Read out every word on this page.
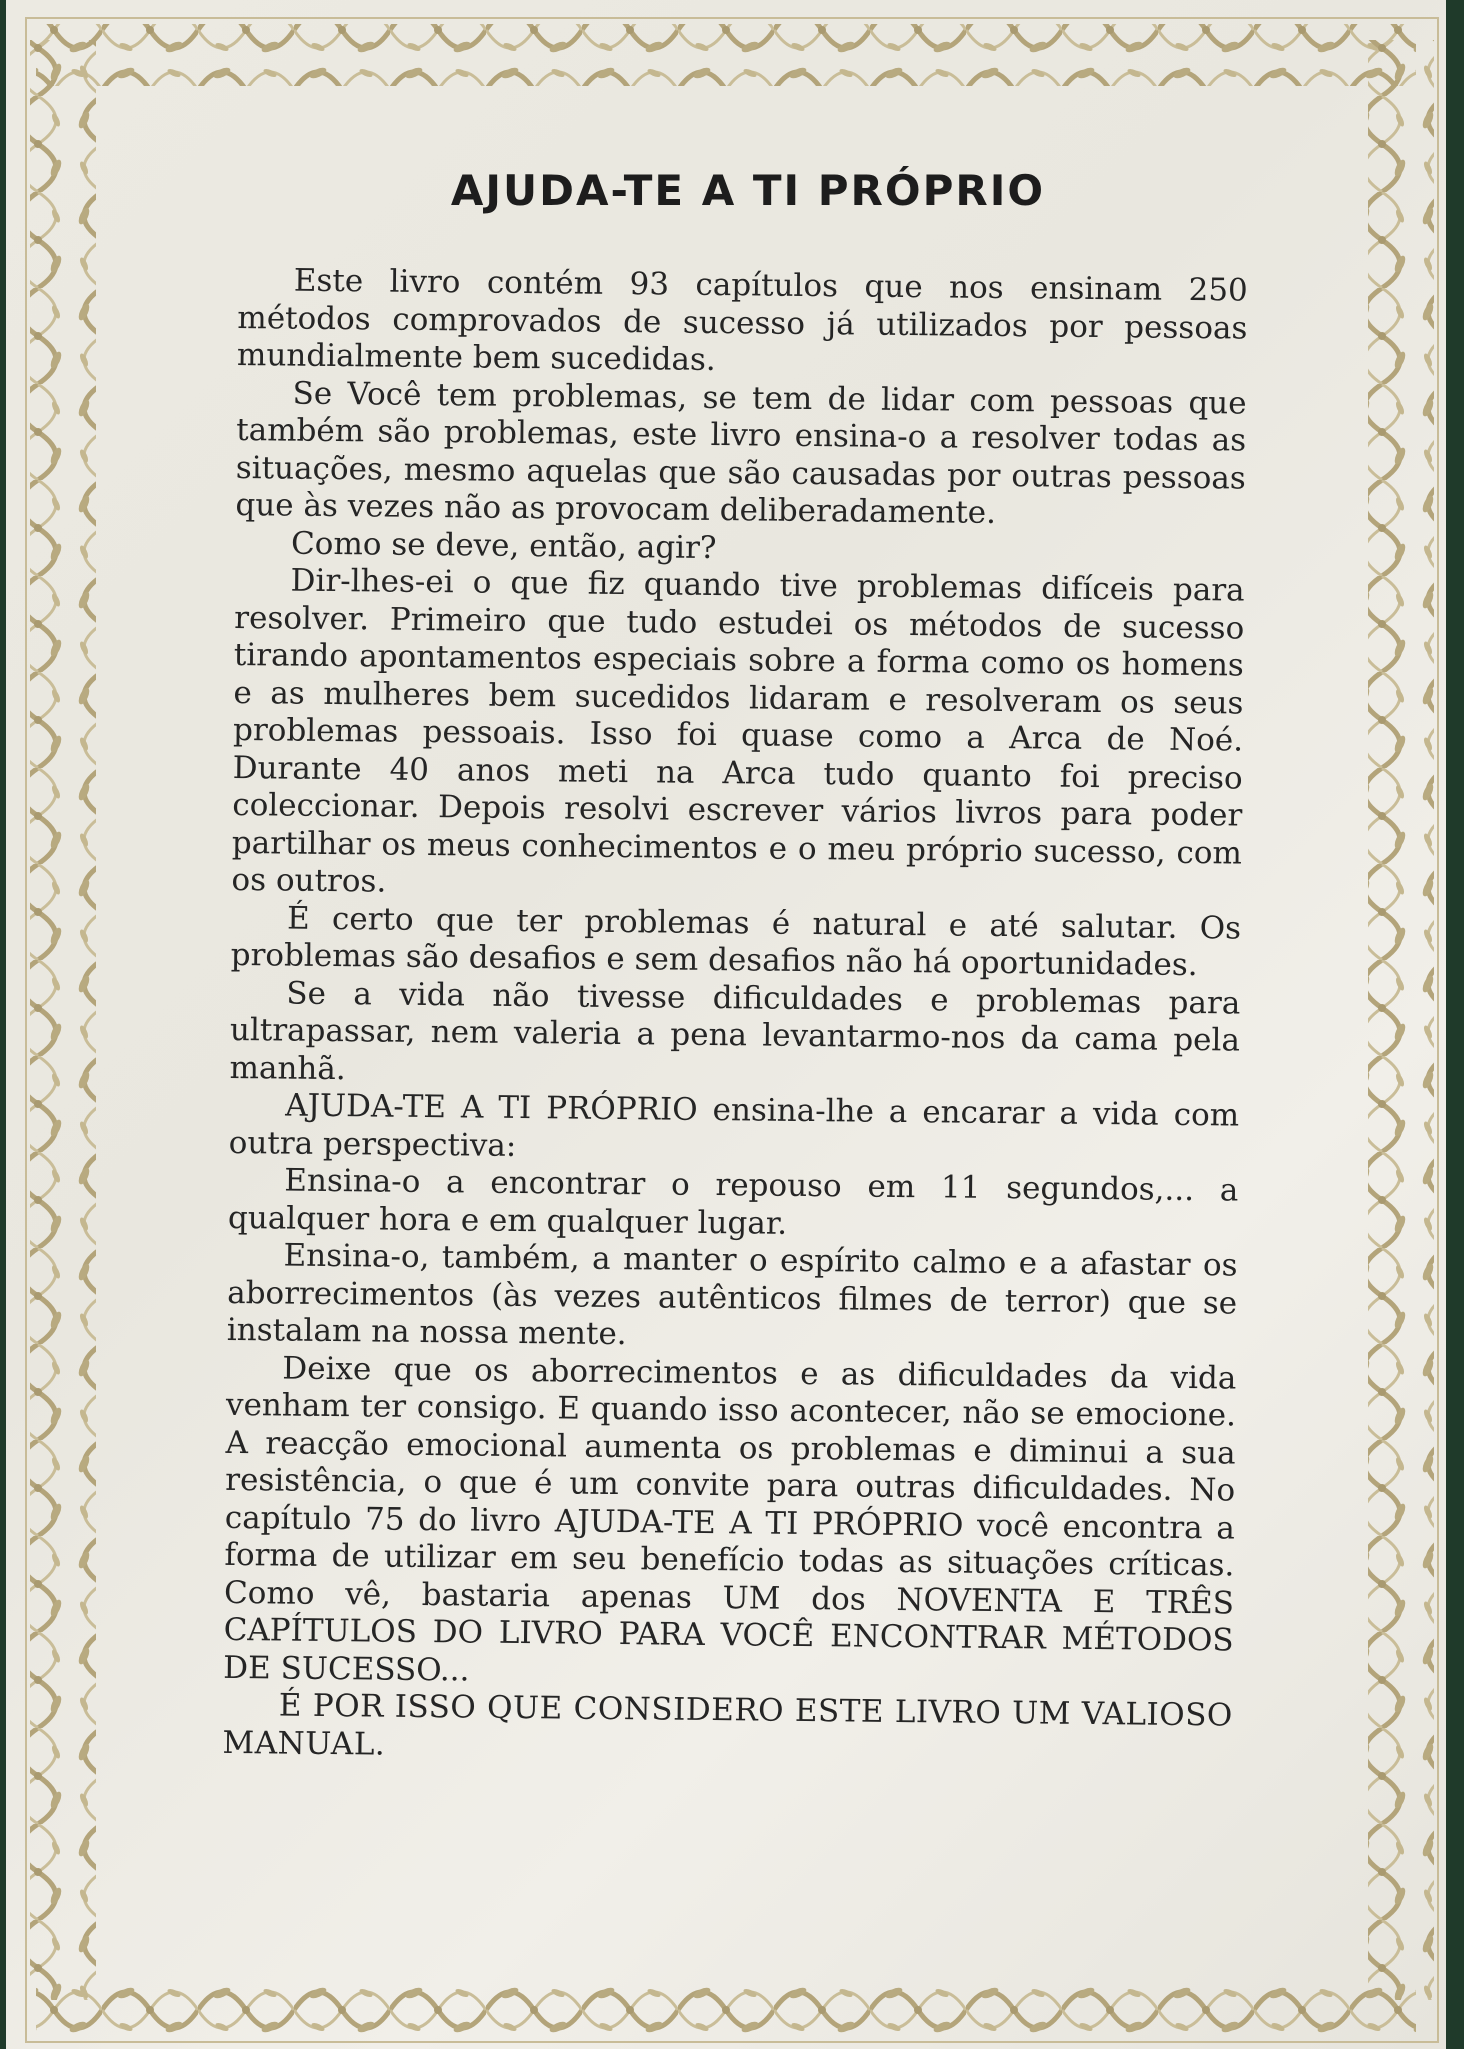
AJUDA-TE A TI PRÓPRIO

Este livro contém 93 capítulos que nos ensinam 250 métodos comprovados de sucesso já utilizados por pessoas mundialmente bem sucedidas.

Se Você tem problemas, se tem de lidar com pessoas que também são problemas, este livro ensina-o a resolver todas as situações, mesmo aquelas que são causadas por outras pessoas que às vezes não as provocam deliberadamente.

Como se deve, então, agir?

Dir-lhes-ei o que fiz quando tive problemas difíceis para resolver. Primeiro que tudo estudei os métodos de sucesso tirando apontamentos especiais sobre a forma como os homens e as mulheres bem sucedidos lidaram e resolveram os seus problemas pessoais. Isso foi quase como a Arca de Noé. Durante 40 anos meti na Arca tudo quanto foi preciso coleccionar. Depois resolvi escrever vários livros para poder partilhar os meus conhecimentos e o meu próprio sucesso, com os outros.

É certo que ter problemas é natural e até salutar. Os problemas são desafios e sem desafios não há oportunidades.

Se a vida não tivesse dificuldades e problemas para ultrapassar, nem valeria a pena levantarmo-nos da cama pela manhã.

AJUDA-TE A TI PRÓPRIO ensina-lhe a encarar a vida com outra perspectiva:

Ensina-o a encontrar o repouso em 11 segundos,... a qualquer hora e em qualquer lugar.

Ensina-o, também, a manter o espírito calmo e a afastar os aborrecimentos (às vezes autênticos filmes de terror) que se instalam na nossa mente.

Deixe que os aborrecimentos e as dificuldades da vida venham ter consigo. E quando isso acontecer, não se emocione. A reacção emocional aumenta os problemas e diminui a sua resistência, o que é um convite para outras dificuldades. No capítulo 75 do livro AJUDA-TE A TI PRÓPRIO você encontra a forma de utilizar em seu benefício todas as situações críticas. Como vê, bastaria apenas UM dos NOVENTA E TRÊS CAPÍTULOS DO LIVRO PARA VOCÊ ENCONTRAR MÉTODOS DE SUCESSO...

É POR ISSO QUE CONSIDERO ESTE LIVRO UM VALIOSO MANUAL.
